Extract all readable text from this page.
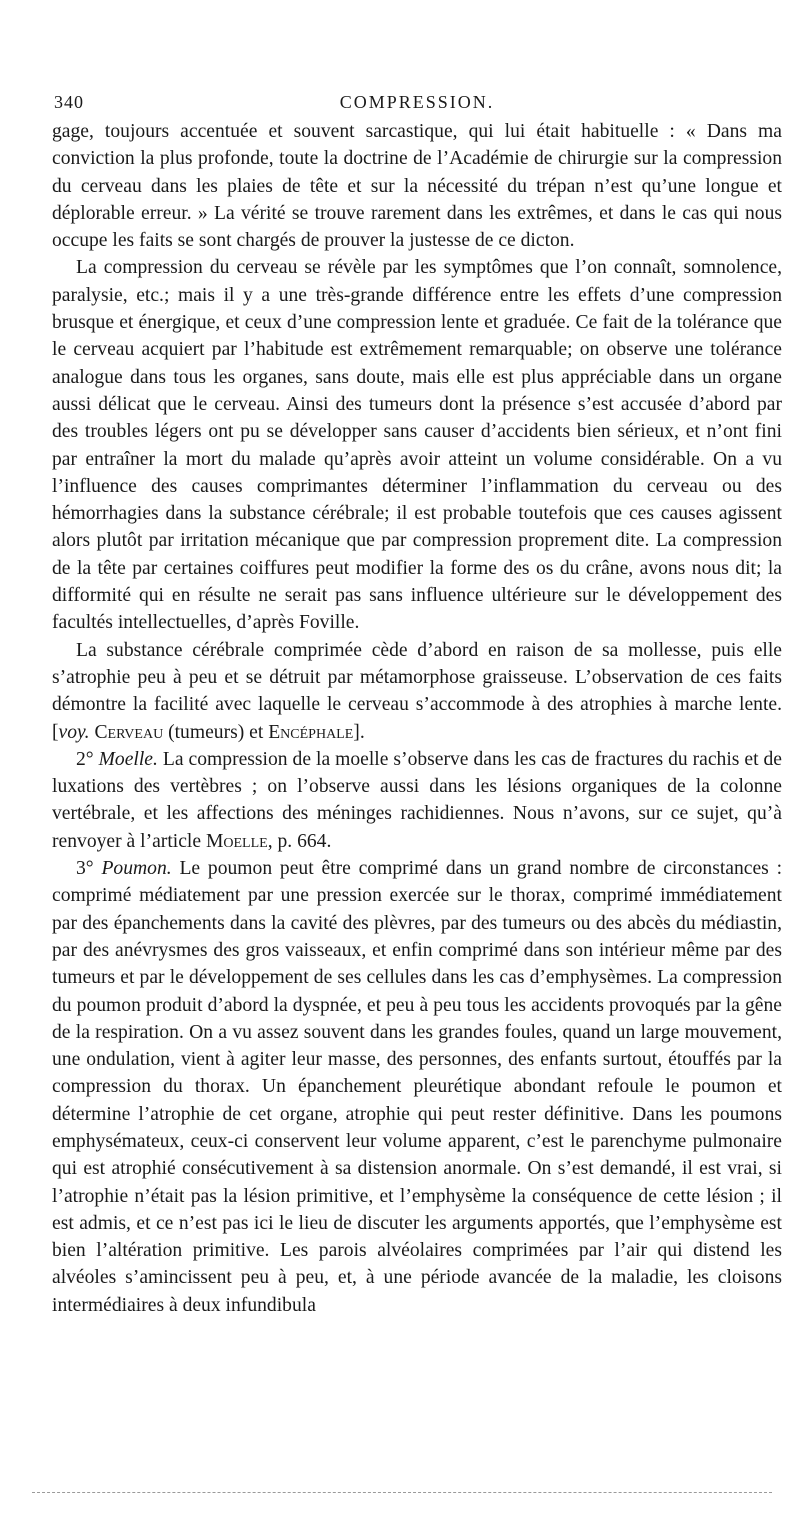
340	COMPRESSION.

gage, toujours accentuée et souvent sarcastique, qui lui était habituelle : « Dans ma conviction la plus profonde, toute la doctrine de l’Académie de chirurgie sur la compression du cerveau dans les plaies de tête et sur la nécessité du trépan n’est qu’une longue et déplorable erreur. » La vérité se trouve rarement dans les extrêmes, et dans le cas qui nous occupe les faits se sont chargés de prouver la justesse de ce dicton.

La compression du cerveau se révèle par les symptômes que l’on connaît, somnolence, paralysie, etc.; mais il y a une très-grande différence entre les effets d’une compression brusque et énergique, et ceux d’une compression lente et graduée. Ce fait de la tolérance que le cerveau acquiert par l’habitude est extrêmement remarquable; on observe une tolérance analogue dans tous les organes, sans doute, mais elle est plus appréciable dans un organe aussi délicat que le cerveau. Ainsi des tumeurs dont la présence s’est accusée d’abord par des troubles légers ont pu se développer sans causer d’accidents bien sérieux, et n’ont fini par entraîner la mort du malade qu’après avoir atteint un volume considérable. On a vu l’influence des causes comprimantes déterminer l’inflammation du cerveau ou des hémorrhagies dans la substance cérébrale; il est probable toutefois que ces causes agissent alors plutôt par irritation mécanique que par compression proprement dite. La compression de la tête par certaines coiffures peut modifier la forme des os du crâne, avons nous dit; la difformité qui en résulte ne serait pas sans influence ultérieure sur le développement des facultés intellectuelles, d’après Foville.

La substance cérébrale comprimée cède d’abord en raison de sa mollesse, puis elle s’atrophie peu à peu et se détruit par métamorphose graisseuse. L’observation de ces faits démontre la facilité avec laquelle le cerveau s’accommode à des atrophies à marche lente. [voy. Cerveau (tumeurs) et Encéphale].

2° Moelle. La compression de la moelle s’observe dans les cas de fractures du rachis et de luxations des vertèbres ; on l’observe aussi dans les lésions organiques de la colonne vertébrale, et les affections des méninges rachidiennes. Nous n’avons, sur ce sujet, qu’à renvoyer à l’article Moelle, p. 664.

3° Poumon. Le poumon peut être comprimé dans un grand nombre de circonstances : comprimé médiatement par une pression exercée sur le thorax, comprimé immédiatement par des épanchements dans la cavité des plèvres, par des tumeurs ou des abcès du médiastin, par des anévrysmes des gros vaisseaux, et enfin comprimé dans son intérieur même par des tumeurs et par le développement de ses cellules dans les cas d’emphysèmes. La compression du poumon produit d’abord la dyspnée, et peu à peu tous les accidents provoqués par la gêne de la respiration. On a vu assez souvent dans les grandes foules, quand un large mouvement, une ondulation, vient à agiter leur masse, des personnes, des enfants surtout, étouffés par la compression du thorax. Un épanchement pleurétique abondant refoule le poumon et détermine l’atrophie de cet organe, atrophie qui peut rester définitive. Dans les poumons emphysémateux, ceux-ci conservent leur volume apparent, c’est le parenchyme pulmonaire qui est atrophié consécutivement à sa distension anormale. On s’est demandé, il est vrai, si l’atrophie n’était pas la lésion primitive, et l’emphysème la conséquence de cette lésion ; il est admis, et ce n’est pas ici le lieu de discuter les arguments apportés, que l’emphysème est bien l’altération primitive. Les parois alvéolaires comprimées par l’air qui distend les alvéoles s’amincissent peu à peu, et, à une période avancée de la maladie, les cloisons intermédiaires à deux infundibula
